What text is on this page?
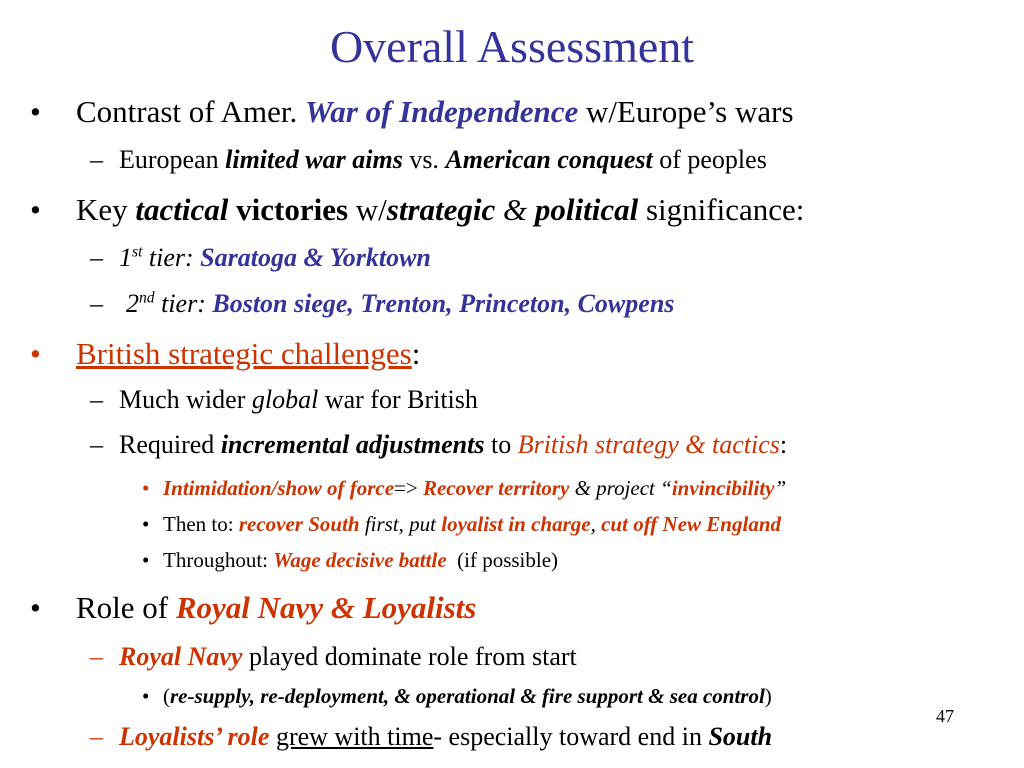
Overall Assessment
• Contrast of Amer. War of Independence w/Europe’s wars
– European limited war aims vs. American conquest of peoples
• Key tactical victories w/strategic & political significance:
– 1st tier: Saratoga & Yorktown
– 2nd tier: Boston siege, Trenton, Princeton, Cowpens
• British strategic challenges:
– Much wider global war for British
– Required incremental adjustments to British strategy & tactics:
• Intimidation/show of force=> Recover territory & project “invincibility”
• Then to: recover South first, put loyalist in charge, cut off New England
• Throughout: Wage decisive battle  (if possible)
• Role of Royal Navy & Loyalists
– Royal Navy played dominate role from start
• (re-supply, re-deployment, & operational & fire support & sea control)
– Loyalists’ role grew with time- especially toward end in South
47
